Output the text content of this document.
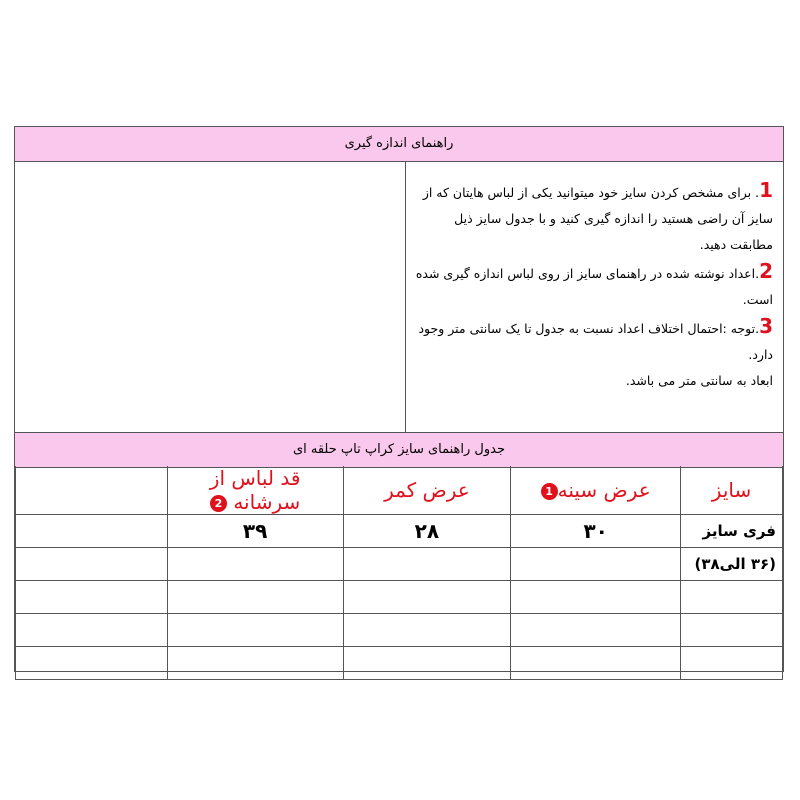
راهنمای اندازه گیری

1. برای مشخص کردن سایز خود میتوانید یکی از لباس هایتان که از سایز آن راضی هستید را اندازه گیری کنید و با جدول سایز ذیل مطابقت دهید.

2.اعداد نوشته شده در راهنمای سایز از روی لباس اندازه گیری شده است.

3.توجه :احتمال اختلاف اعداد نسبت به جدول تا یک سانتی متر وجود دارد.

ابعاد به سانتی متر می باشد.

جدول راهنمای سایز کراپ تاپ حلقه ای
	قد لباس از سرشانه 2	عرض کمر	عرض سینه1	سایز
	۳۹	۲۸	۳۰	فری سایز
				(۳۶ الی۳۸)
